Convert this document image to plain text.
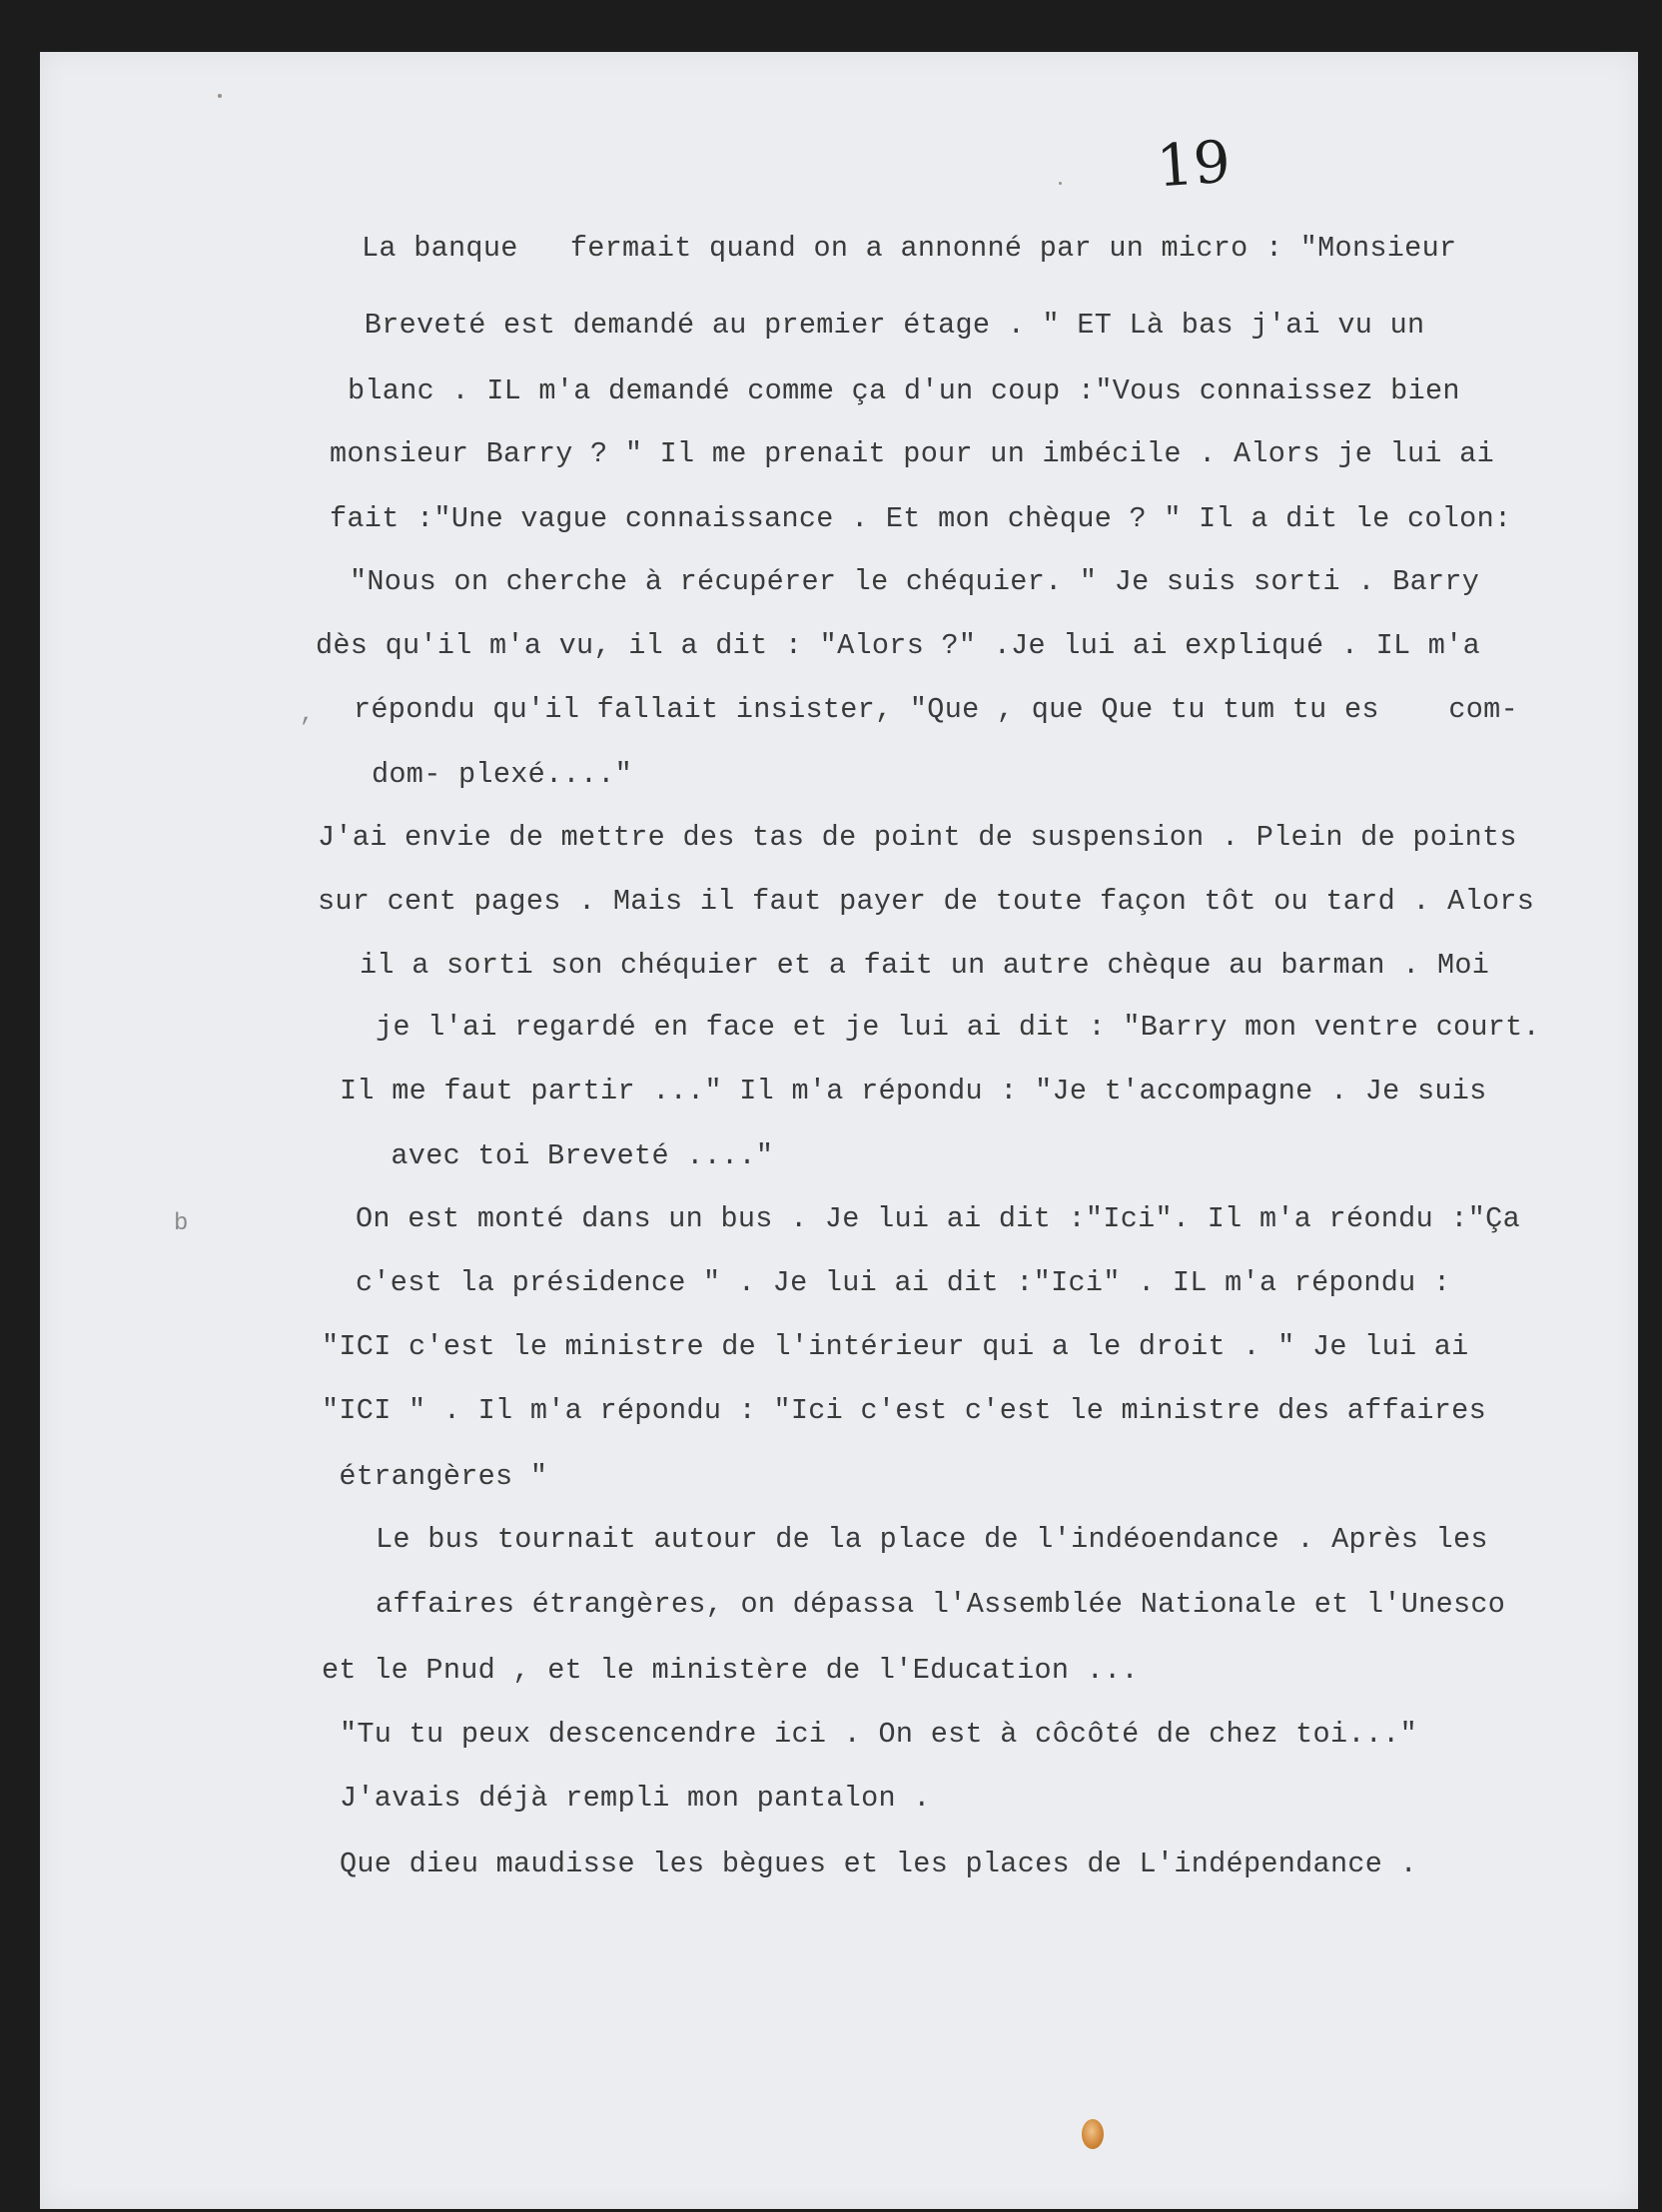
19
,
b
La banque   fermait quand on a annonné par un micro : "Monsieur
Breveté est demandé au premier étage . " ET Là bas j'ai vu un
blanc . IL m'a demandé comme ça d'un coup :"Vous connaissez bien
monsieur Barry ? " Il me prenait pour un imbécile . Alors je lui ai
fait :"Une vague connaissance . Et mon chèque ? " Il a dit le colon:
"Nous on cherche à récupérer le chéquier. " Je suis sorti . Barry
dès qu'il m'a vu, il a dit : "Alors ?" .Je lui ai expliqué . IL m'a
répondu qu'il fallait insister, "Que , que Que tu tum tu es    com-
dom- plexé...."
J'ai envie de mettre des tas de point de suspension . Plein de points
sur cent pages . Mais il faut payer de toute façon tôt ou tard . Alors
il a sorti son chéquier et a fait un autre chèque au barman . Moi
je l'ai regardé en face et je lui ai dit : "Barry mon ventre court.
Il me faut partir ..." Il m'a répondu : "Je t'accompagne . Je suis
avec toi Breveté ...."
On est monté dans un bus . Je lui ai dit :"Ici". Il m'a réondu :"Ça
c'est la présidence " . Je lui ai dit :"Ici" . IL m'a répondu :
"ICI c'est le ministre de l'intérieur qui a le droit . " Je lui ai
"ICI " . Il m'a répondu : "Ici c'est c'est le ministre des affaires
étrangères "
Le bus tournait autour de la place de l'indéoendance . Après les
affaires étrangères, on dépassa l'Assemblée Nationale et l'Unesco
et le Pnud , et le ministère de l'Education ...
"Tu tu peux descencendre ici . On est à côcôté de chez toi..."
J'avais déjà rempli mon pantalon .
Que dieu maudisse les bègues et les places de L'indépendance .
